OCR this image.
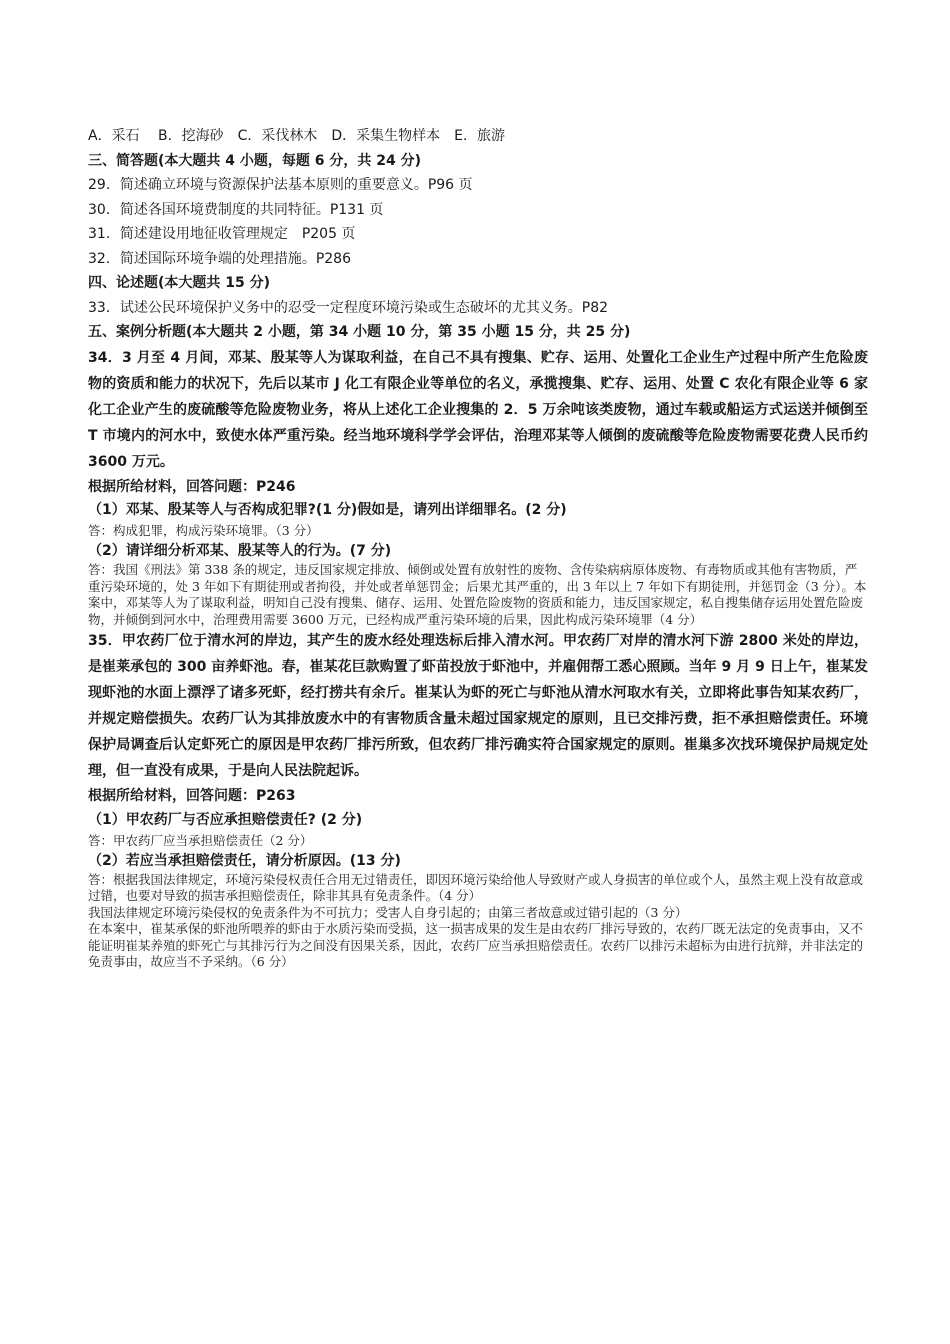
A．采石　 B．挖海砂　C．采伐林木　D．采集生物样本　E．旅游
三、简答题(本大题共 4 小题，每题 6 分，共 24 分)
29．简述确立环境与资源保护法基本原则的重要意义。P96 页
30．简述各国环境费制度的共同特征。P131 页
31．简述建设用地征收管理规定　P205 页
32．简述国际环境争端的处理措施。P286
四、论述题(本大题共 15 分)
33．试述公民环境保护义务中的忍受一定程度环境污染或生态破坏的尤其义务。P82
五、案例分析题(本大题共 2 小题，第 34 小题 10 分，第 35 小题 15 分，共 25 分)
34．3 月至 4 月间，邓某、殷某等人为谋取利益，在自己不具有搜集、贮存、运用、处置化工企业生产过程中所产生危险废物的资质和能力的状况下，先后以某市 J 化工有限企业等单位的名义，承揽搜集、贮存、运用、处置 C 农化有限企业等 6 家化工企业产生的废硫酸等危险废物业务，将从上述化工企业搜集的 2．5 万余吨该类废物，通过车载或船运方式运送并倾倒至 T 市境内的河水中，致使水体严重污染。经当地环境科学学会评估，治理邓某等人倾倒的废硫酸等危险废物需要花费人民币约 3600 万元。
根据所给材料，回答问题：P246
（1）邓某、殷某等人与否构成犯罪?(1 分)假如是，请列出详细罪名。(2 分)
答：构成犯罪，构成污染环境罪。（3 分）
（2）请详细分析邓某、殷某等人的行为。(7 分)
答：我国《刑法》第 338 条的规定，违反国家规定排放、倾倒或处置有放射性的废物、含传染病病原体废物、有毒物质或其他有害物质，严重污染环境的，处 3 年如下有期徒刑或者拘役，并处或者单惩罚金；后果尤其严重的，出 3 年以上 7 年如下有期徒刑，并惩罚金（3 分）。本案中，邓某等人为了谋取利益，明知自己没有搜集、储存、运用、处置危险废物的资质和能力，违反国家规定，私自搜集储存运用处置危险废物，并倾倒到河水中，治理费用需要 3600 万元，已经构成严重污染环境的后果，因此构成污染环境罪（4 分）
35．甲农药厂位于清水河的岸边，其产生的废水经处理迭标后排入清水河。甲农药厂对岸的清水河下游 2800 米处的岸边，是崔莱承包的 300 亩养虾池。春，崔某花巨款购置了虾苗投放于虾池中，并雇佣帮工悉心照顾。当年 9 月 9 日上午，崔某发现虾池的水面上漂浮了诸多死虾，经打捞共有余斤。崔某认为虾的死亡与虾池从清水河取水有关，立即将此事告知某农药厂，并规定赔偿损失。农药厂认为其排放废水中的有害物质含量未超过国家规定的原则，且已交排污费，拒不承担赔偿责任。环境保护局调查后认定虾死亡的原因是甲农药厂排污所致，但农药厂排污确实符合国家规定的原则。崔巢多次找环境保护局规定处理，但一直没有成果，于是向人民法院起诉。
根据所给材料，回答问题：P263
（1）甲农药厂与否应承担赔偿责任? (2 分)
答：甲农药厂应当承担赔偿责任（2 分）
（2）若应当承担赔偿责任，请分析原因。(13 分)
答：根据我国法律规定，环境污染侵权责任合用无过错责任，即因环境污染给他人导致财产或人身损害的单位或个人，虽然主观上没有故意或过错，也要对导致的损害承担赔偿责任，除非其具有免责条件。（4 分）
我国法律规定环境污染侵权的免责条件为不可抗力；受害人自身引起的；由第三者故意或过错引起的（3 分）
在本案中，崔某承保的虾池所喂养的虾由于水质污染而受损，这一损害成果的发生是由农药厂排污导致的，农药厂既无法定的免责事由，又不能证明崔某养殖的虾死亡与其排污行为之间没有因果关系，因此，农药厂应当承担赔偿责任。农药厂以排污未超标为由进行抗辩，并非法定的免责事由，故应当不予采纳。（6 分）
